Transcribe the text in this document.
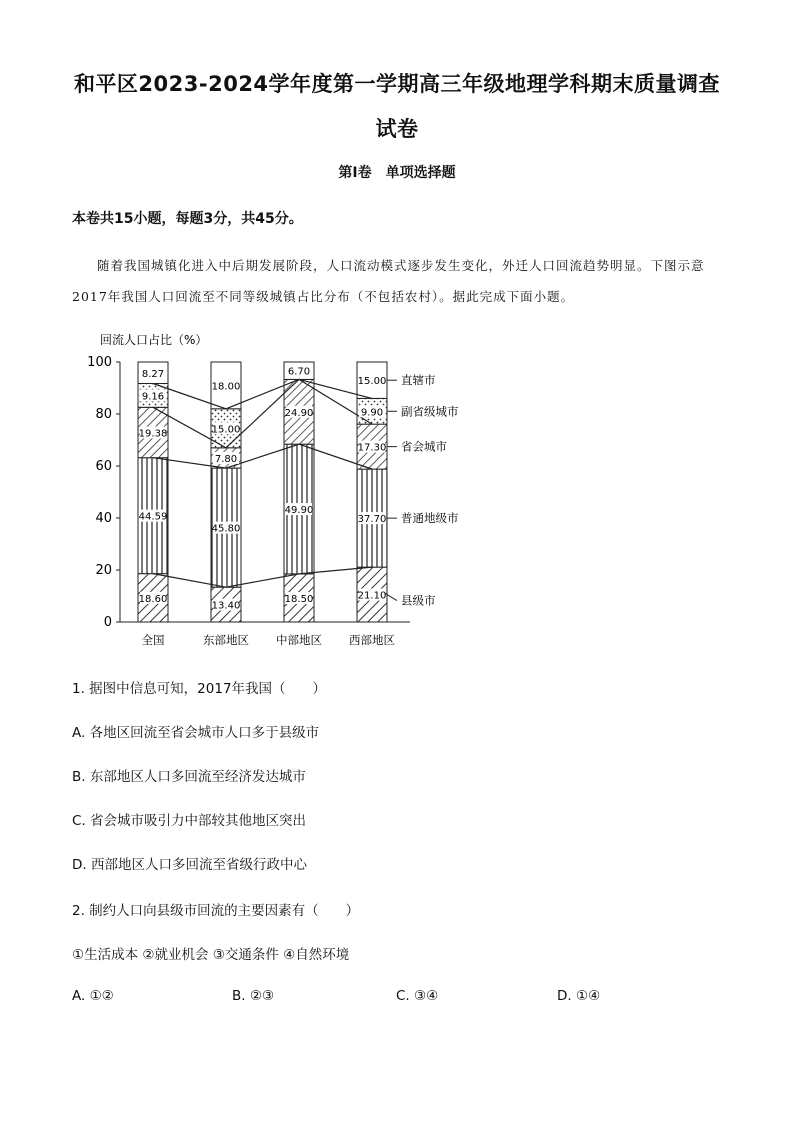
和平区2023-2024学年度第一学期高三年级地理学科期末质量调查
试卷
第Ⅰ卷　单项选择题
本卷共15小题，每题3分，共45分。
随着我国城镇化进入中后期发展阶段，人口流动模式逐步发生变化，外迁人口回流趋势明显。下图示意2017年我国人口回流至不同等级城镇占比分布（不包括农村）。据此完成下面小题。
回流人口占比（%）
0
20
40
60
80
100
18.60
44.59
19.38
9.16
8.27
13.40
45.80
7.80
15.00
18.00
18.50
49.90
24.90
6.70
21.10
37.70
17.30
9.90
15.00
全国	东部地区 中部地区 西部地区
县级市
普通地级市
省会城市
副省级城市
直辖市
1. 据图中信息可知，2017年我国（　　）
A. 各地区回流至省会城市人口多于县级市
B. 东部地区人口多回流至经济发达城市
C. 省会城市吸引力中部较其他地区突出
D. 西部地区人口多回流至省级行政中心
2. 制约人口向县级市回流的主要因素有（　　）
①生活成本 ②就业机会 ③交通条件 ④自然环境
A. ①②	B. ②③	C. ③④	D. ①④
